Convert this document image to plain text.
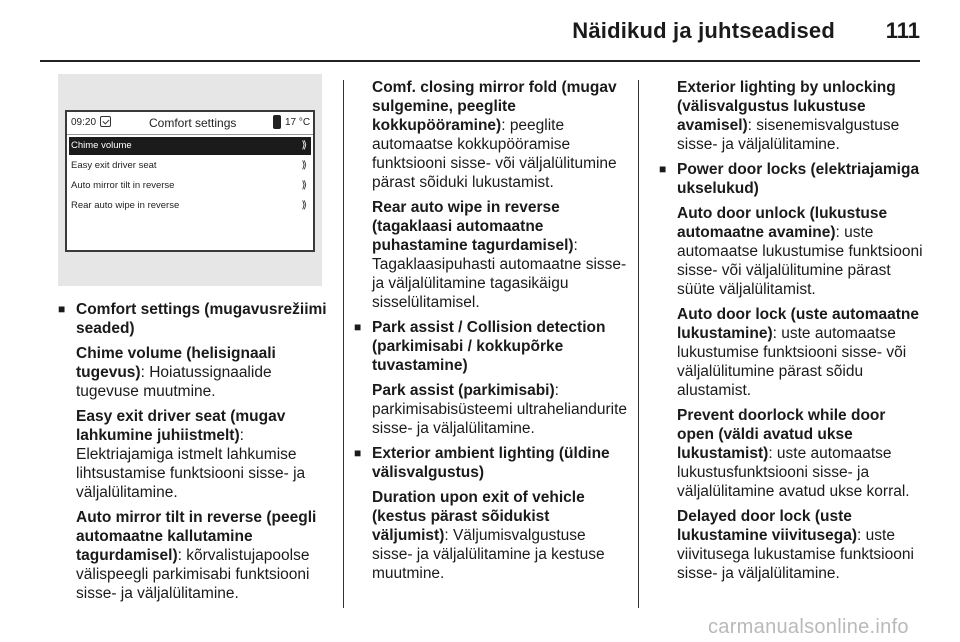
Näidikud ja juhtseadised 111
09:20	Comfort settings	17 °C
Chime volume	⟫
Easy exit driver seat	⟫
Auto mirror tilt in reverse	⟫
Rear auto wipe in reverse	⟫

■ Comfort settings (mugavusrežiimi seaded)

Chime volume (helisignaali tugevus): Hoiatussignaalide tugevuse muutmine.

Easy exit driver seat (mugav lahkumine juhiistmelt): Elektriajamiga istmelt lahkumise lihtsustamise funktsiooni sisse- ja väljalülitamine.

Auto mirror tilt in reverse (peegli automaatne kallutamine tagurdamisel): kõrvalistujapoolse välispeegli parkimisabi funktsiooni sisse- ja väljalülitamine.

Comf. closing mirror fold (mugav sulgemine, peeglite kokkupööramine): peeglite automaatse kokkupööramise funktsiooni sisse- või väljalülitumine pärast sõiduki lukustamist.

Rear auto wipe in reverse (tagaklaasi automaatne puhastamine tagurdamisel): Tagaklaasipuhasti automaatne sisse- ja väljalülitamine tagasikäigu sisselülitamisel.

■ Park assist / Collision detection (parkimisabi / kokkupõrke tuvastamine)

Park assist (parkimisabi): parkimisabisüsteemi ultraheliandurite sisse- ja väljalülitamine.

■ Exterior ambient lighting (üldine välisvalgustus)

Duration upon exit of vehicle (kestus pärast sõidukist väljumist): Väljumisvalgustuse sisse- ja väljalülitamine ja kestuse muutmine.

Exterior lighting by unlocking (välisvalgustus lukustuse avamisel): sisenemisvalgustuse sisse- ja väljalülitamine.

■ Power door locks (elektriajamiga ukselukud)

Auto door unlock (lukustuse automaatne avamine): uste automaatse lukustumise funktsiooni sisse- või väljalülitumine pärast süüte väljalülitamist.

Auto door lock (uste automaatne lukustamine): uste automaatse lukustumise funktsiooni sisse- või väljalülitumine pärast sõidu alustamist.

Prevent doorlock while door open (väldi avatud ukse lukustamist): uste automaatse lukustusfunktsiooni sisse- ja väljalülitamine avatud ukse korral.

Delayed door lock (uste lukustamine viivitusega): uste viivitusega lukustamise funktsiooni sisse- ja väljalülitamine.

carmanualsonline.info
